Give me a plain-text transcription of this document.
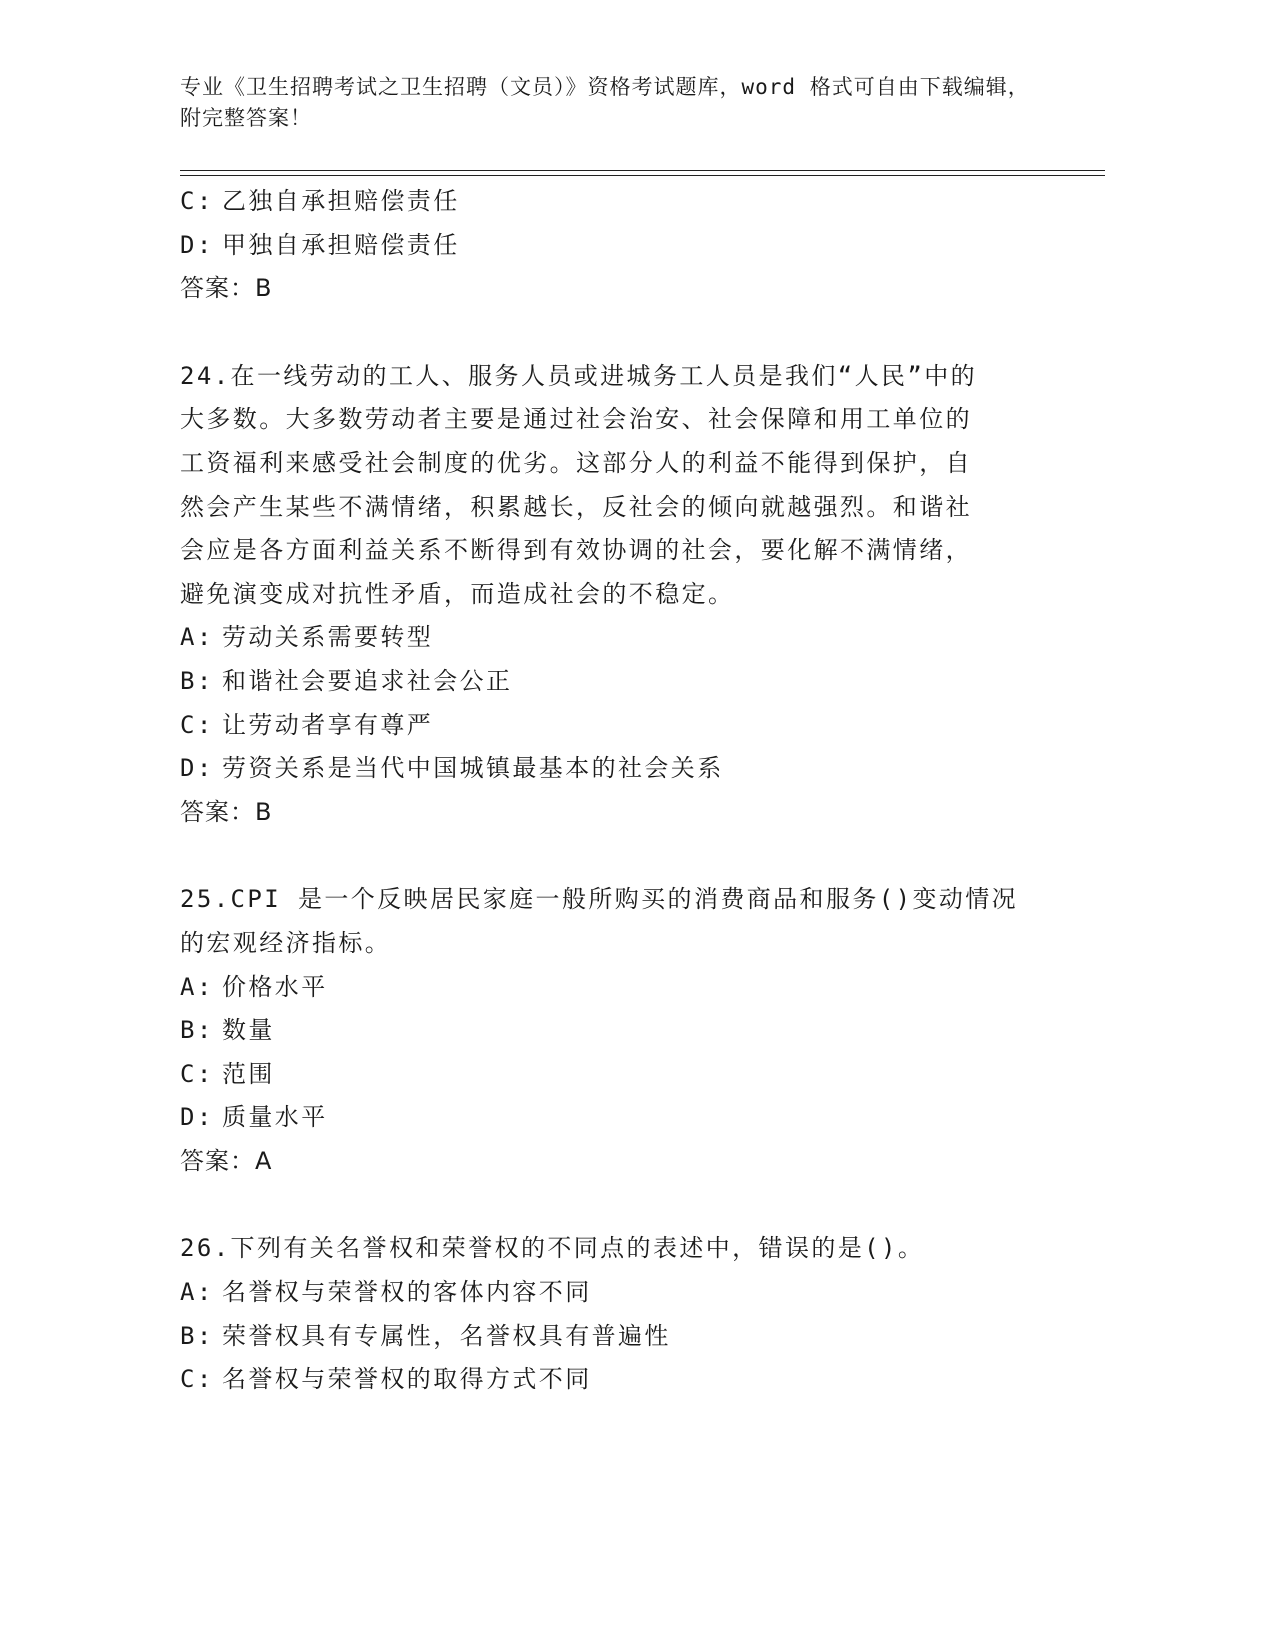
专业《卫生招聘考试之卫生招聘（文员）》资格考试题库，word 格式可自由下载编辑，附完整答案！
C: 乙独自承担赔偿责任
D: 甲独自承担赔偿责任
答案：B
24.在一线劳动的工人、服务人员或进城务工人员是我们“人民”中的
大多数。大多数劳动者主要是通过社会治安、社会保障和用工单位的
工资福利来感受社会制度的优劣。这部分人的利益不能得到保护，自
然会产生某些不满情绪，积累越长，反社会的倾向就越强烈。和谐社
会应是各方面利益关系不断得到有效协调的社会，要化解不满情绪，
避免演变成对抗性矛盾，而造成社会的不稳定。
A: 劳动关系需要转型
B: 和谐社会要追求社会公正
C: 让劳动者享有尊严
D: 劳资关系是当代中国城镇最基本的社会关系
答案：B
25.CPI 是一个反映居民家庭一般所购买的消费商品和服务()变动情况
的宏观经济指标。
A: 价格水平
B: 数量
C: 范围
D: 质量水平
答案：A
26.下列有关名誉权和荣誉权的不同点的表述中，错误的是()。
A: 名誉权与荣誉权的客体内容不同
B: 荣誉权具有专属性，名誉权具有普遍性
C: 名誉权与荣誉权的取得方式不同
